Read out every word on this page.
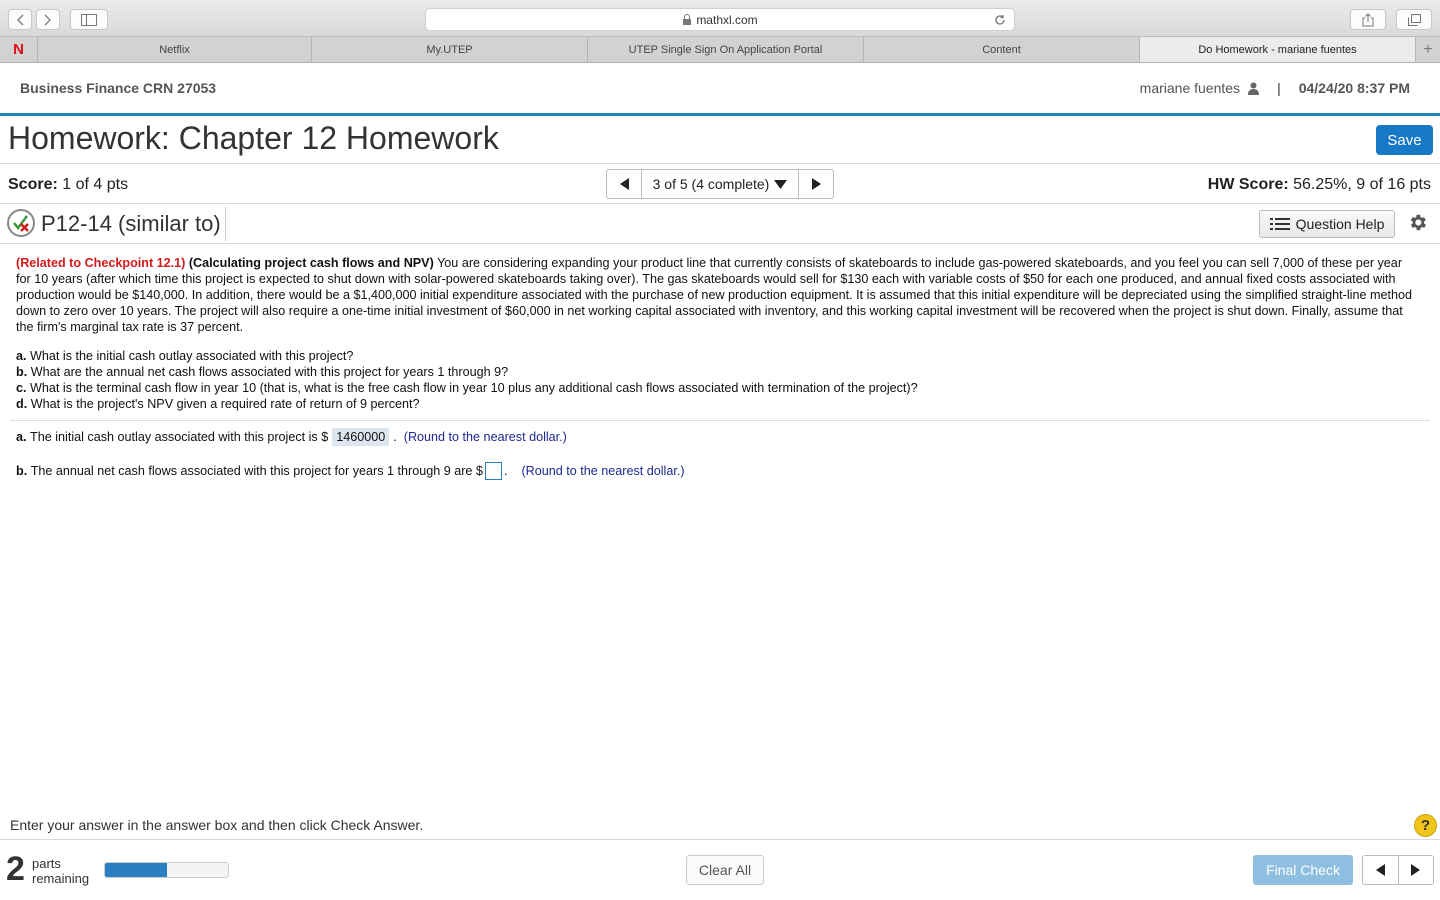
mathxl.com
N	Netflix	My.UTEP	UTEP Single Sign On Application Portal	Content	Do Homework - mariane fuentes	+
Business Finance CRN 27053	mariane fuentes	| 04/24/20 8:37 PM
Homework: Chapter 12 Homework	Save
Score: 1 of 4 pts	3 of 5 (4 complete)	HW Score: 56.25%, 9 of 16 pts
P12-14 (similar to)	Question Help
(Related to Checkpoint 12.1) (Calculating project cash flows and NPV) You are considering expanding your product line that currently consists of skateboards to include gas-powered skateboards, and you feel you can sell 7,000 of these per year for 10 years (after which time this project is expected to shut down with solar-powered skateboards taking over). The gas skateboards would sell for $130 each with variable costs of $50 for each one produced, and annual fixed costs associated with production would be $140,000. In addition, there would be a $1,400,000 initial expenditure associated with the purchase of new production equipment. It is assumed that this initial expenditure will be depreciated using the simplified straight-line method down to zero over 10 years. The project will also require a one-time initial investment of $60,000 in net working capital associated with inventory, and this working capital investment will be recovered when the project is shut down. Finally, assume that the firm's marginal tax rate is 37 percent.
a. What is the initial cash outlay associated with this project?
b. What are the annual net cash flows associated with this project for years 1 through 9?
c. What is the terminal cash flow in year 10 (that is, what is the free cash flow in year 10 plus any additional cash flows associated with termination of the project)?
d. What is the project's NPV given a required rate of return of 9 percent?
a.
The initial cash outlay associated with this project is $ 1460000 .
(Round to the nearest dollar.)
b.
The annual net cash flows associated with this project for years 1 through 9 are $ .
(Round to the nearest dollar.)
Enter your answer in the answer box and then click Check Answer.	?
2 parts
remaining
Clear All	Final Check
